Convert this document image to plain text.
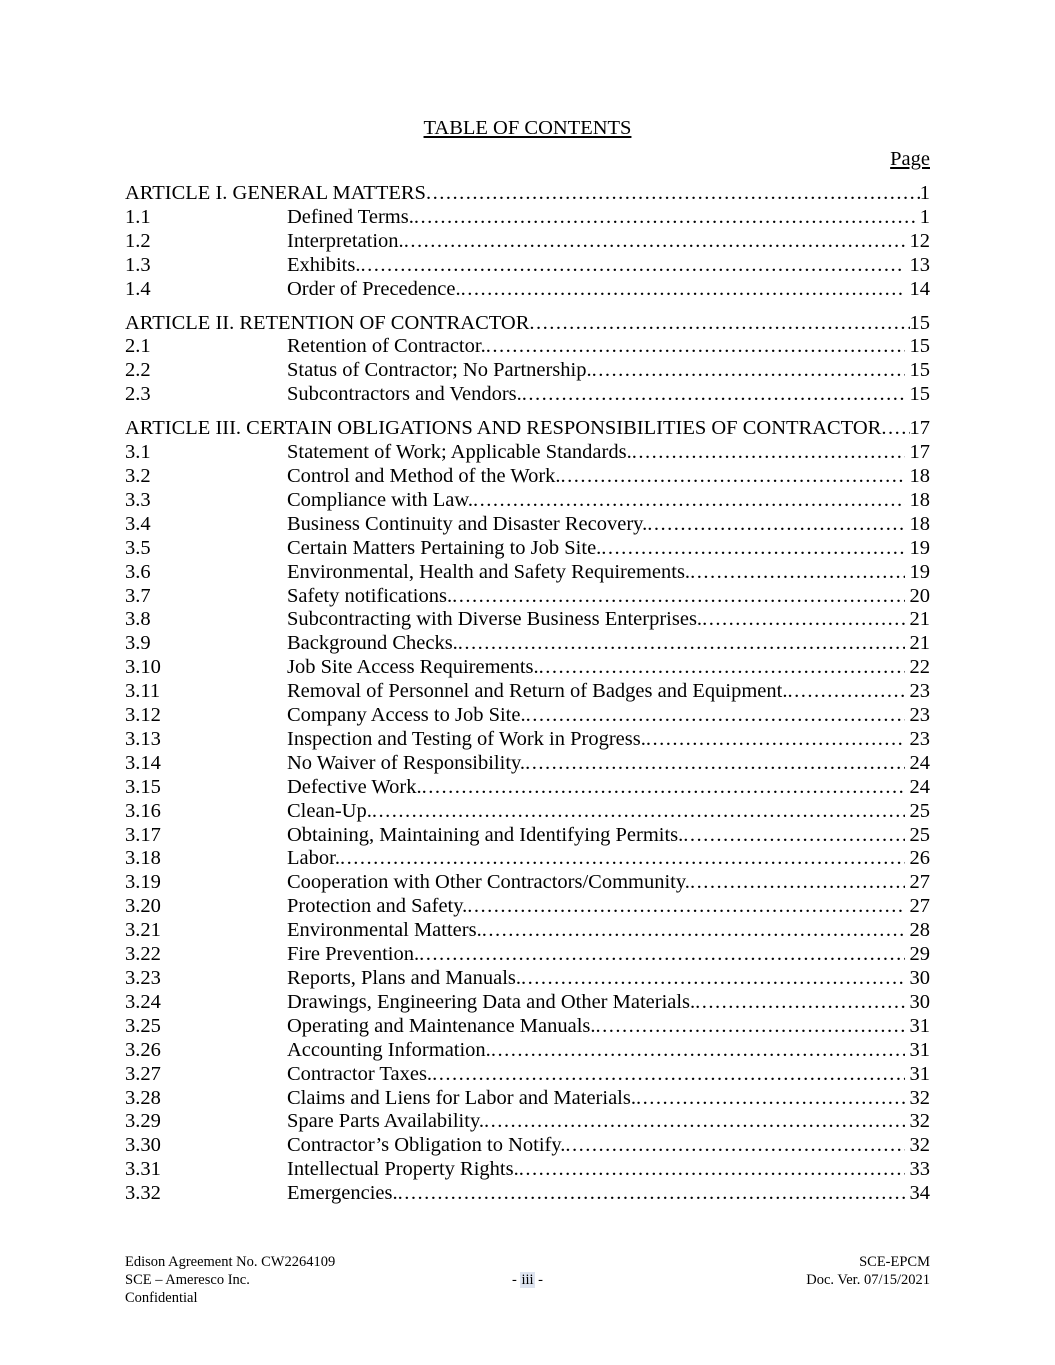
TABLE OF CONTENTS
Page
ARTICLE I. GENERAL MATTERS .....	1
1.1	Defined Terms. .....	1
1.2	Interpretation. .....	12
1.3	Exhibits. .....	13
1.4	Order of Precedence. .....	14
ARTICLE II. RETENTION OF CONTRACTOR .....	15
2.1	Retention of Contractor. .....	15
2.2	Status of Contractor; No Partnership. .....	15
2.3	Subcontractors and Vendors. .....	15
ARTICLE III. CERTAIN OBLIGATIONS AND RESPONSIBILITIES OF CONTRACTOR ..... 17
3.1	Statement of Work; Applicable Standards. .....	17
3.2	Control and Method of the Work. .....	18
3.3	Compliance with Law. .....	18
3.4	Business Continuity and Disaster Recovery. .....	18
3.5	Certain Matters Pertaining to Job Site. .....	19
3.6	Environmental, Health and Safety Requirements. .....	19
3.7	Safety notifications. .....	20
3.8	Subcontracting with Diverse Business Enterprises. .....	21
3.9	Background Checks. .....	21
3.10	Job Site Access Requirements. .....	22
3.11	Removal of Personnel and Return of Badges and Equipment. .....	23
3.12	Company Access to Job Site. .....	23
3.13	Inspection and Testing of Work in Progress. .....	23
3.14	No Waiver of Responsibility. .....	24
3.15	Defective Work. .....	24
3.16	Clean-Up. .....	25
3.17	Obtaining, Maintaining and Identifying Permits. .....	25
3.18	Labor. .....	26
3.19	Cooperation with Other Contractors/Community. .....	27
3.20	Protection and Safety. .....	27
3.21	Environmental Matters. .....	28
3.22	Fire Prevention. .....	29
3.23	Reports, Plans and Manuals. .....	30
3.24	Drawings, Engineering Data and Other Materials. .....	30
3.25	Operating and Maintenance Manuals. .....	31
3.26	Accounting Information. .....	31
3.27	Contractor Taxes. .....	31
3.28	Claims and Liens for Labor and Materials. .....	32
3.29	Spare Parts Availability. .....	32
3.30	Contractor’s Obligation to Notify. .....	32
3.31	Intellectual Property Rights. .....	33
3.32	Emergencies. .....	34
Edison Agreement No. CW2264109
SCE – Ameresco Inc.
Confidential
- iii -
SCE-EPCM
Doc. Ver. 07/15/2021
